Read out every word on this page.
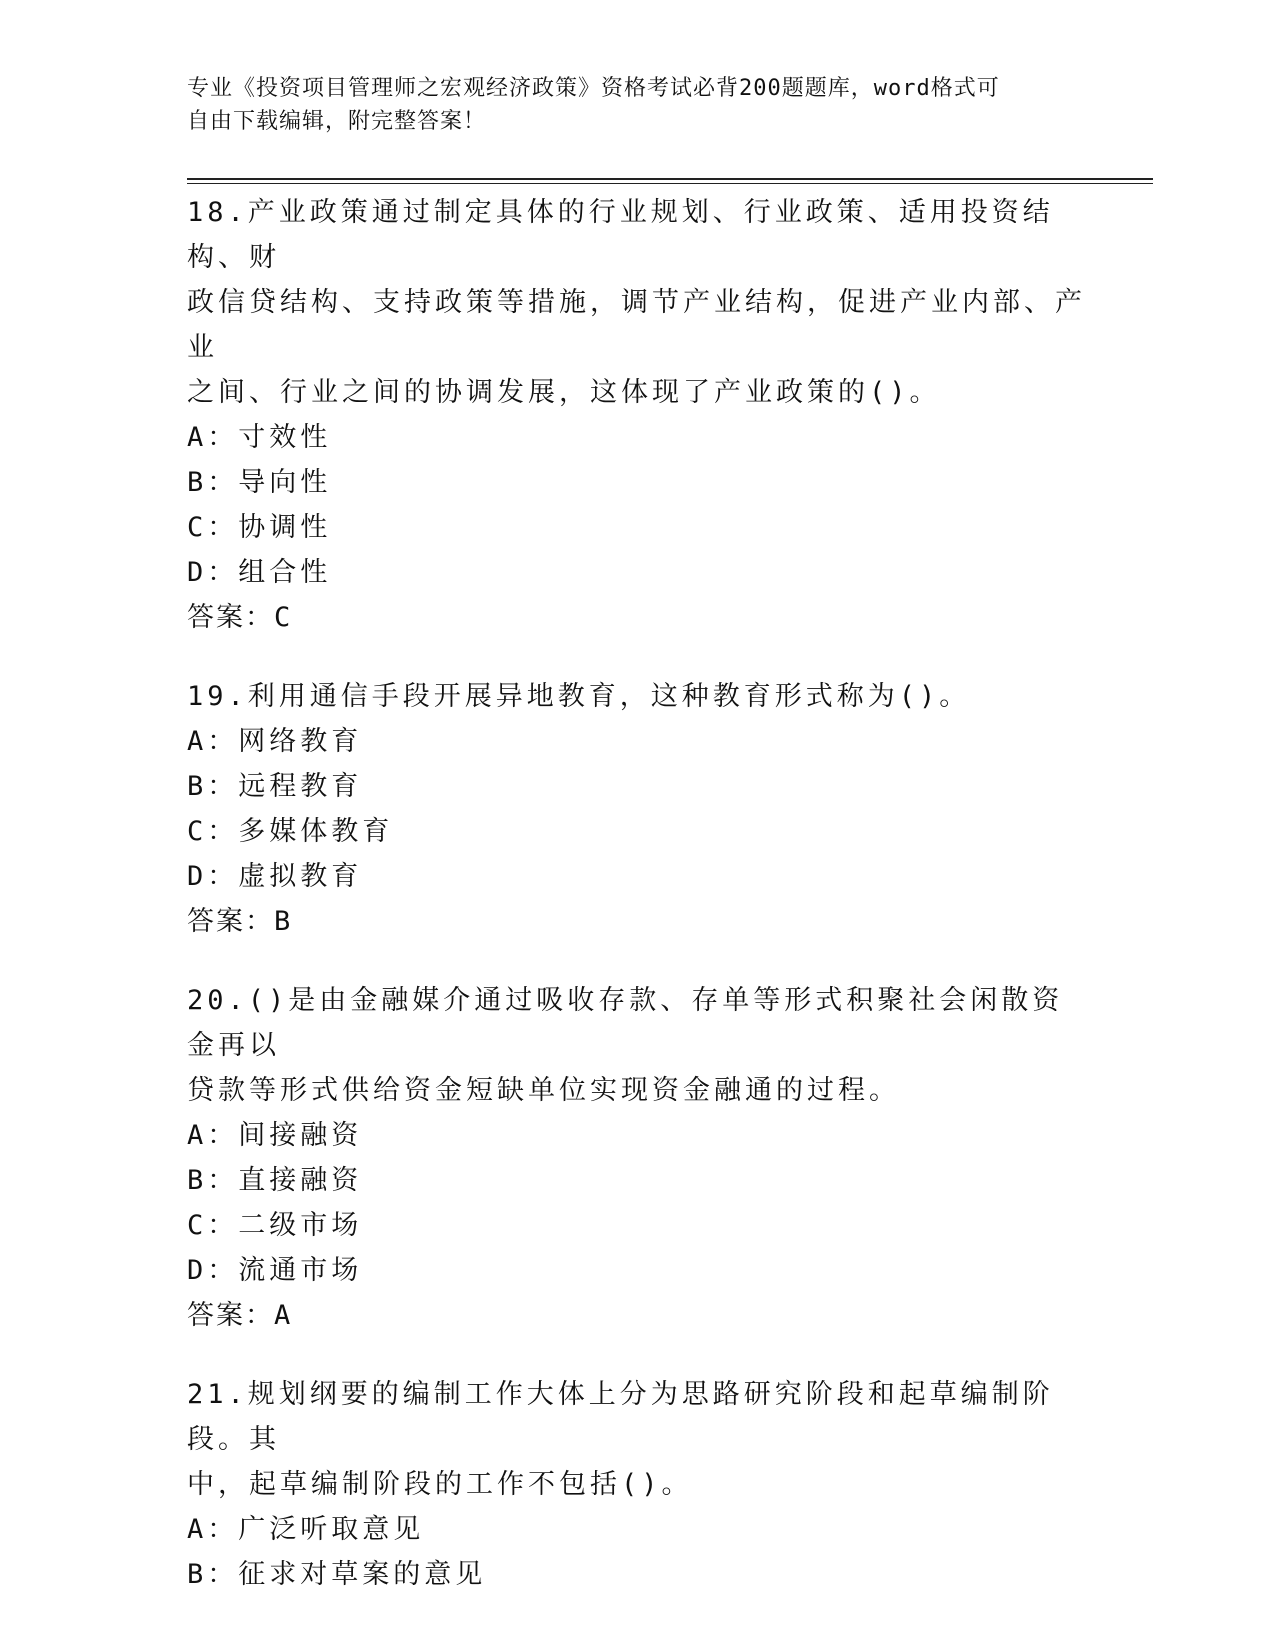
专业《投资项目管理师之宏观经济政策》资格考试必背200题题库，word格式可
自由下载编辑，附完整答案！
18.产业政策通过制定具体的行业规划、行业政策、适用投资结构、财
政信贷结构、支持政策等措施，调节产业结构，促进产业内部、产业
之间、行业之间的协调发展，这体现了产业政策的()。
A：寸效性
B：导向性
C：协调性
D：组合性
答案：C
19.利用通信手段开展异地教育，这种教育形式称为()。
A：网络教育
B：远程教育
C：多媒体教育
D：虚拟教育
答案：B
20.()是由金融媒介通过吸收存款、存单等形式积聚社会闲散资金再以
贷款等形式供给资金短缺单位实现资金融通的过程。
A：间接融资
B：直接融资
C：二级市场
D：流通市场
答案：A
21.规划纲要的编制工作大体上分为思路研究阶段和起草编制阶段。其
中，起草编制阶段的工作不包括()。
A：广泛听取意见
B：征求对草案的意见
